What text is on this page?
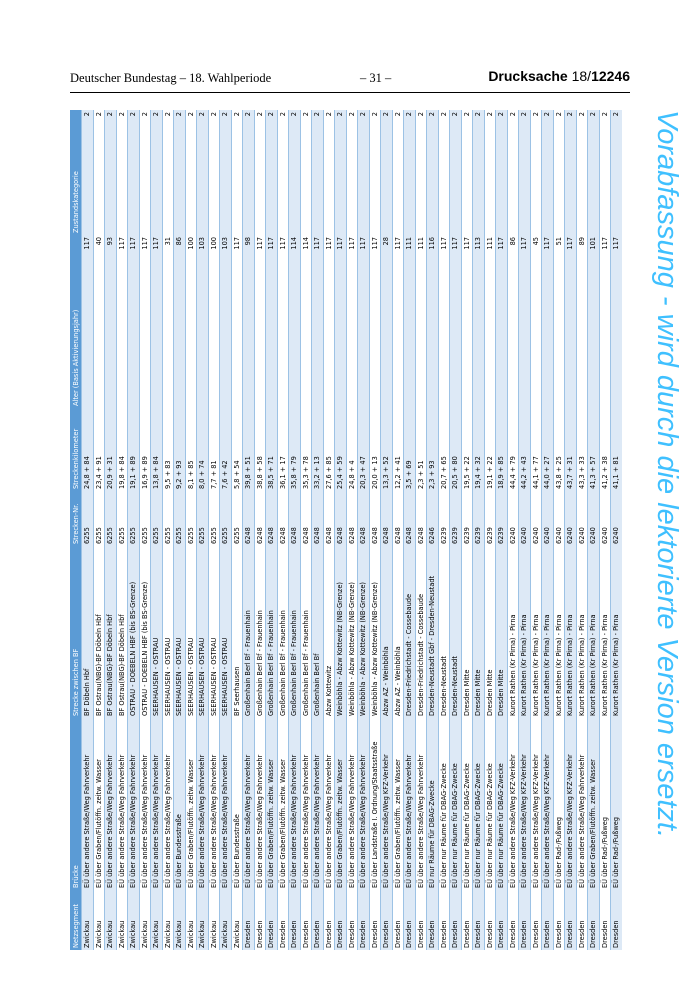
Deutscher Bundestag – 18. Wahlperiode	– 31 –	Drucksache 18/12246
Netzsegment	Brücke	Strecke zwischen BF	Strecken-Nr.	Streckenkilometer	Alter (Basis Aktivierungsjahr)	Zustandskategorie
Zwickau	EÜ über andere Straße/Weg Fahrverkehr	BF Döbeln Hbf	6255	24,8 + 84	117	2
Zwickau	EÜ über Graben/Flutöffn. zeitw. Wasser	BF Ostrau(NBG)-BF Döbeln Hbf	6255	23,4 + 91	40	2
Zwickau	EÜ über andere Straße/Weg Fahrverkehr	BF Ostrau(NBG)-BF Döbeln Hbf	6255	20,9 + 31	93	2
Zwickau	EÜ über andere Straße/Weg Fahrverkehr	BF Ostrau(NBG)-BF Döbeln Hbf	6255	19,8 + 84	117	2
Zwickau	EÜ über andere Straße/Weg Fahrverkehr	OSTRAU - DOEBELN HBF (bis BS-Grenze)	6255	19,1 + 89	117	2
Zwickau	EÜ über andere Straße/Weg Fahrverkehr	OSTRAU - DOEBELN HBF (bis BS-Grenze)	6255	16,9 + 89	117	2
Zwickau	EÜ über andere Straße/Weg Fahrverkehr	SEERHAUSEN - OSTRAU	6255	13,8 + 84	117	2
Zwickau	EÜ über andere Straße/Weg Fahrverkehr	SEERHAUSEN - OSTRAU	6255	9,5 + 83	31	2
Zwickau	EÜ über Bundesstraße	SEERHAUSEN - OSTRAU	6255	9,2 + 93	86	2
Zwickau	EÜ über Graben/Flutöffn. zeitw. Wasser	SEERHAUSEN - OSTRAU	6255	8,1 + 85	100	2
Zwickau	EÜ über andere Straße/Weg Fahrverkehr	SEERHAUSEN - OSTRAU	6255	8,0 + 74	103	2
Zwickau	EÜ über andere Straße/Weg Fahrverkehr	SEERHAUSEN - OSTRAU	6255	7,7 + 81	100	2
Zwickau	EÜ über andere Straße/Weg Fahrverkehr	SEERHAUSEN - OSTRAU	6255	7,6 + 42	103	2
Zwickau	EÜ über Bundesstraße	BF Seerhausen	6255	5,8 + 54	117	2
Dresden	EÜ über andere Straße/Weg Fahrverkehr	Großenhain Berl Bf - Frauenhain	6248	39,8 + 51	98	2
Dresden	EÜ über andere Straße/Weg Fahrverkehr	Großenhain Berl Bf - Frauenhain	6248	38,8 + 58	117	2
Dresden	EÜ über Graben/Flutöffn. zeitw. Wasser	Großenhain Berl Bf - Frauenhain	6248	38,5 + 71	117	2
Dresden	EÜ über Graben/Flutöffn. zeitw. Wasser	Großenhain Berl Bf - Frauenhain	6248	36,1 + 17	117	2
Dresden	EÜ über andere Straße/Weg Fahrverkehr	Großenhain Berl Bf - Frauenhain	6248	35,8 + 79	114	2
Dresden	EÜ über andere Straße/Weg Fahrverkehr	Großenhain Berl Bf - Frauenhain	6248	35,3 + 78	114	2
Dresden	EÜ über andere Straße/Weg Fahrverkehr	Großenhain Berl Bf	6248	33,2 + 13	117	2
Dresden	EÜ über andere Straße/Weg Fahrverkehr	Abzw Kottewitz	6248	27,6 + 85	117	2
Dresden	EÜ über Graben/Flutöffn. zeitw. Wasser	Weinböhla - Abzw Kottewitz (NB-Grenze)	6248	25,4 + 59	117	2
Dresden	EÜ über andere Straße/Weg Fahrverkehr	Weinböhla - Abzw Kottewitz (NB-Grenze)	6248	24,8 + 4	117	2
Dresden	EÜ über andere Straße/Weg Fahrverkehr	Weinböhla - Abzw Kottewitz (NB-Grenze)	6248	20,3 + 47	117	2
Dresden	EÜ über Landstraße I. Ordnung/Staatsstraße	Weinböhla - Abzw Kottewitz (NB-Grenze)	6248	20,0 + 13	117	2
Dresden	EÜ über andere Straße/Weg KFZ-Verkehr	Abzw AZ - Weinböhla	6248	13,3 + 52	28	2
Dresden	EÜ über Graben/Flutöffn. zeitw. Wasser	Abzw AZ - Weinböhla	6248	12,2 + 41	117	2
Dresden	EÜ über andere Straße/Weg Fahrverkehr	Dresden-Friedrichstadt - Cossebaude	6248	3,5 + 69	111	2
Dresden	EÜ über andere Straße/Weg Fahrverkehr	Dresden-Friedrichstadt - Cossebaude	6248	2,3 + 51	111	2
Dresden	EÜ nur Räume für DBAG-Zwecke	Dresden-Neustadt Gbf - Dresden-Neustadt	6246	2,3 + 93	116	2
Dresden	EÜ über nur Räume für DBAG-Zwecke	Dresden-Neustadt	6239	20,7 + 65	117	2
Dresden	EÜ über nur Räume für DBAG-Zwecke	Dresden-Neustadt	6239	20,5 + 80	117	2
Dresden	EÜ über nur Räume für DBAG-Zwecke	Dresden Mitte	6239	19,5 + 22	117	2
Dresden	EÜ über nur Räume für DBAG-Zwecke	Dresden Mitte	6239	19,4 + 32	113	2
Dresden	EÜ über nur Räume für DBAG-Zwecke	Dresden Mitte	6239	19,1 + 22	111	2
Dresden	EÜ über nur Räume für DBAG-Zwecke	Dresden Mitte	6239	18,9 + 85	117	2
Dresden	EÜ über andere Straße/Weg KFZ-Verkehr	Kurort Rathen (Kr Pirna) - Pirna	6240	44,4 + 79	86	2
Dresden	EÜ über andere Straße/Weg KFZ-Verkehr	Kurort Rathen (Kr Pirna) - Pirna	6240	44,2 + 43	117	2
Dresden	EÜ über andere Straße/Weg KFZ-Verkehr	Kurort Rathen (Kr Pirna) - Pirna	6240	44,1 + 77	45	2
Dresden	EÜ über andere Straße/Weg KFZ-Verkehr	Kurort Rathen (Kr Pirna) - Pirna	6240	44,0 + 27	117	2
Dresden	EÜ über Rad-/Fußweg	Kurort Rathen (Kr Pirna) - Pirna	6240	43,8 + 25	51	2
Dresden	EÜ über andere Straße/Weg KFZ-Verkehr	Kurort Rathen (Kr Pirna) - Pirna	6240	43,7 + 31	117	2
Dresden	EÜ über andere Straße/Weg Fahrverkehr	Kurort Rathen (Kr Pirna) - Pirna	6240	43,3 + 33	89	2
Dresden	EÜ über Graben/Flutöffn. zeitw. Wasser	Kurort Rathen (Kr Pirna) - Pirna	6240	41,3 + 57	101	2
Dresden	EÜ über Rad-/Fußweg	Kurort Rathen (Kr Pirna) - Pirna	6240	41,2 + 38	117	2
Dresden	EÜ über Rad-/Fußweg	Kurort Rathen (Kr Pirna) - Pirna	6240	41,1 + 81	117	2

						Vorabfassung - wird durch die lektorierte Version ersetzt.
